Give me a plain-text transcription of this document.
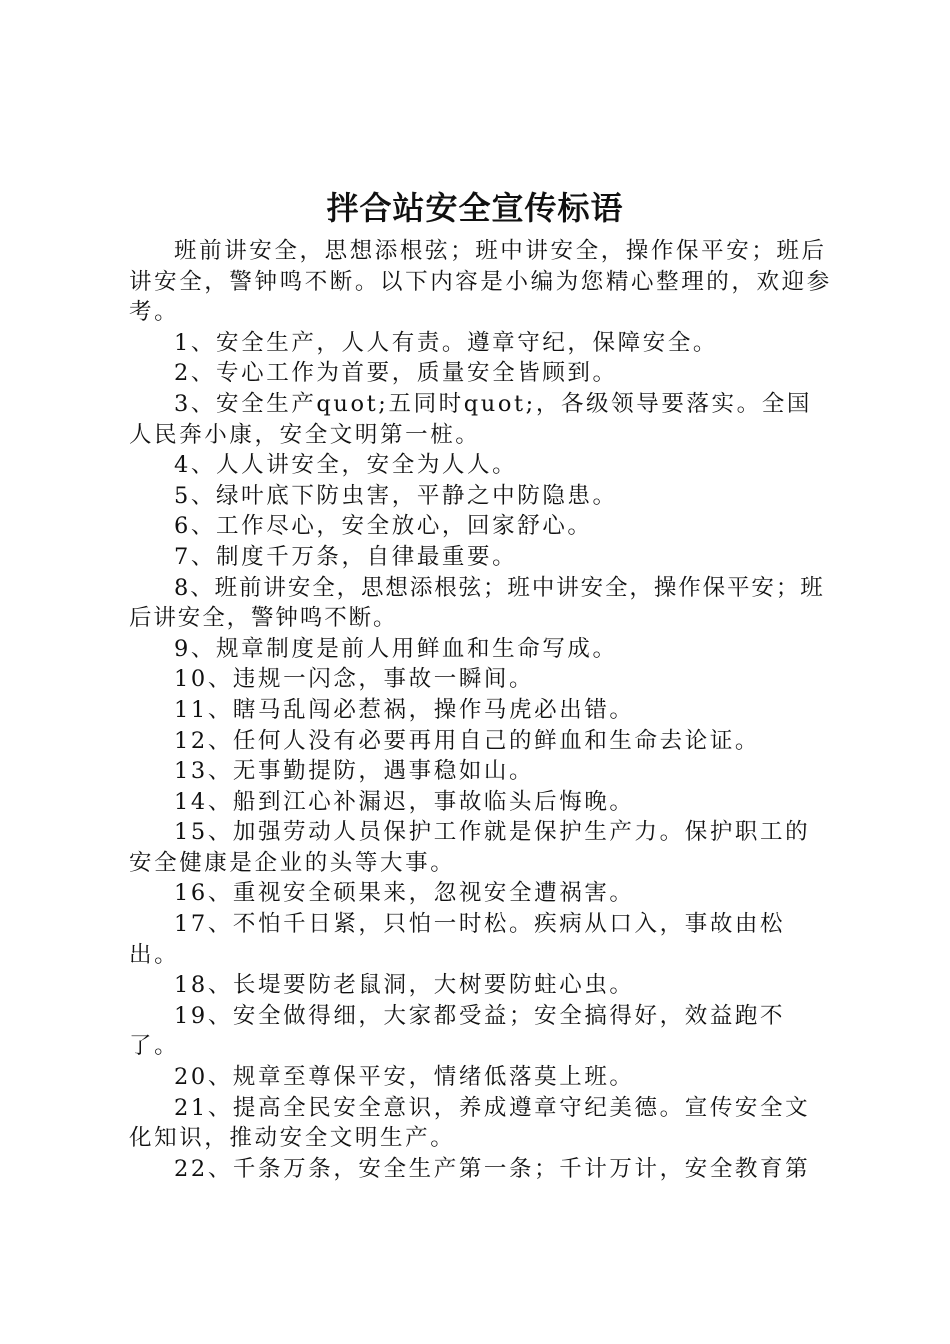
拌合站安全宣传标语

班前讲安全，思想添根弦；班中讲安全，操作保平安；班后讲安全，警钟鸣不断。以下内容是小编为您精心整理的，欢迎参考。

1、安全生产，人人有责。遵章守纪，保障安全。

2、专心工作为首要，质量安全皆顾到。

3、安全生产quot;五同时quot;，各级领导要落实。全国人民奔小康，安全文明第一桩。

4、人人讲安全，安全为人人。

5、绿叶底下防虫害，平静之中防隐患。

6、工作尽心，安全放心，回家舒心。

7、制度千万条，自律最重要。

8、班前讲安全，思想添根弦；班中讲安全，操作保平安；班后讲安全，警钟鸣不断。

9、规章制度是前人用鲜血和生命写成。

10、违规一闪念，事故一瞬间。

11、瞎马乱闯必惹祸，操作马虎必出错。

12、任何人没有必要再用自己的鲜血和生命去论证。

13、无事勤提防，遇事稳如山。

14、船到江心补漏迟，事故临头后悔晚。

15、加强劳动人员保护工作就是保护生产力。保护职工的安全健康是企业的头等大事。

16、重视安全硕果来，忽视安全遭祸害。

17、不怕千日紧，只怕一时松。疾病从口入，事故由松出。

18、长堤要防老鼠洞，大树要防蛀心虫。

19、安全做得细，大家都受益；安全搞得好，效益跑不了。

20、规章至尊保平安，情绪低落莫上班。

21、提高全民安全意识，养成遵章守纪美德。宣传安全文化知识，推动安全文明生产。

22、千条万条，安全生产第一条；千计万计，安全教育第
